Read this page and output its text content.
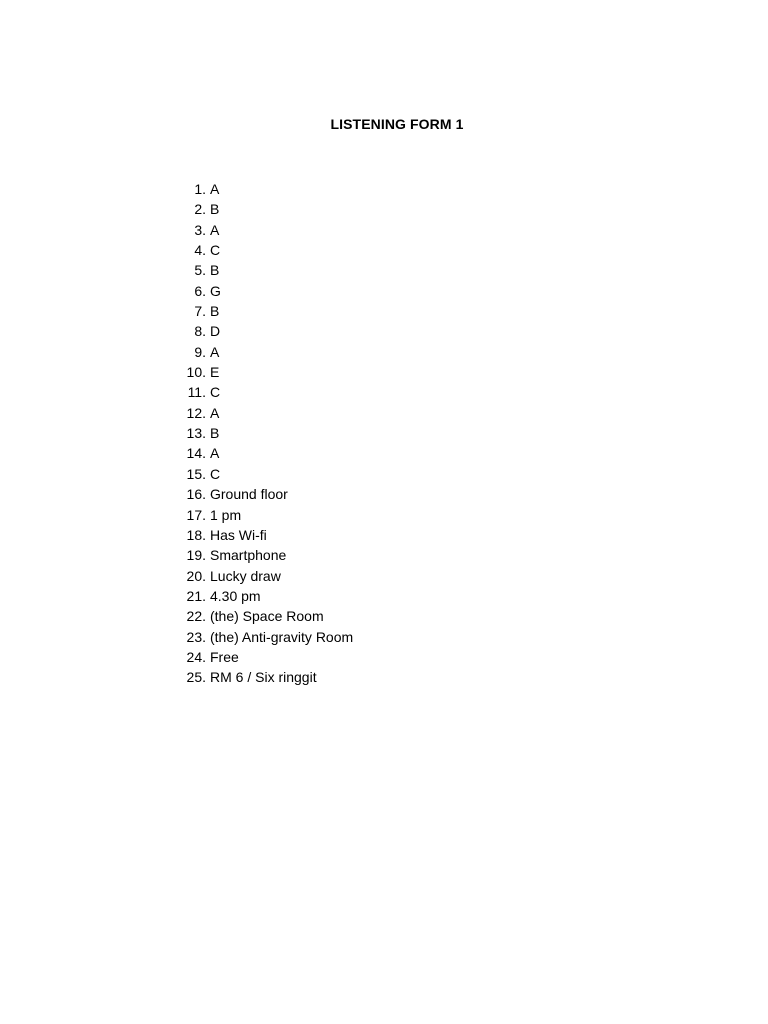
LISTENING FORM 1
1. A
2. B
3. A
4. C
5. B
6. G
7. B
8. D
9. A
10. E
11. C
12. A
13. B
14. A
15. C
16. Ground floor
17. 1 pm
18. Has Wi-fi
19. Smartphone
20. Lucky draw
21. 4.30 pm
22. (the) Space Room
23. (the) Anti-gravity Room
24. Free
25. RM 6 / Six ringgit
